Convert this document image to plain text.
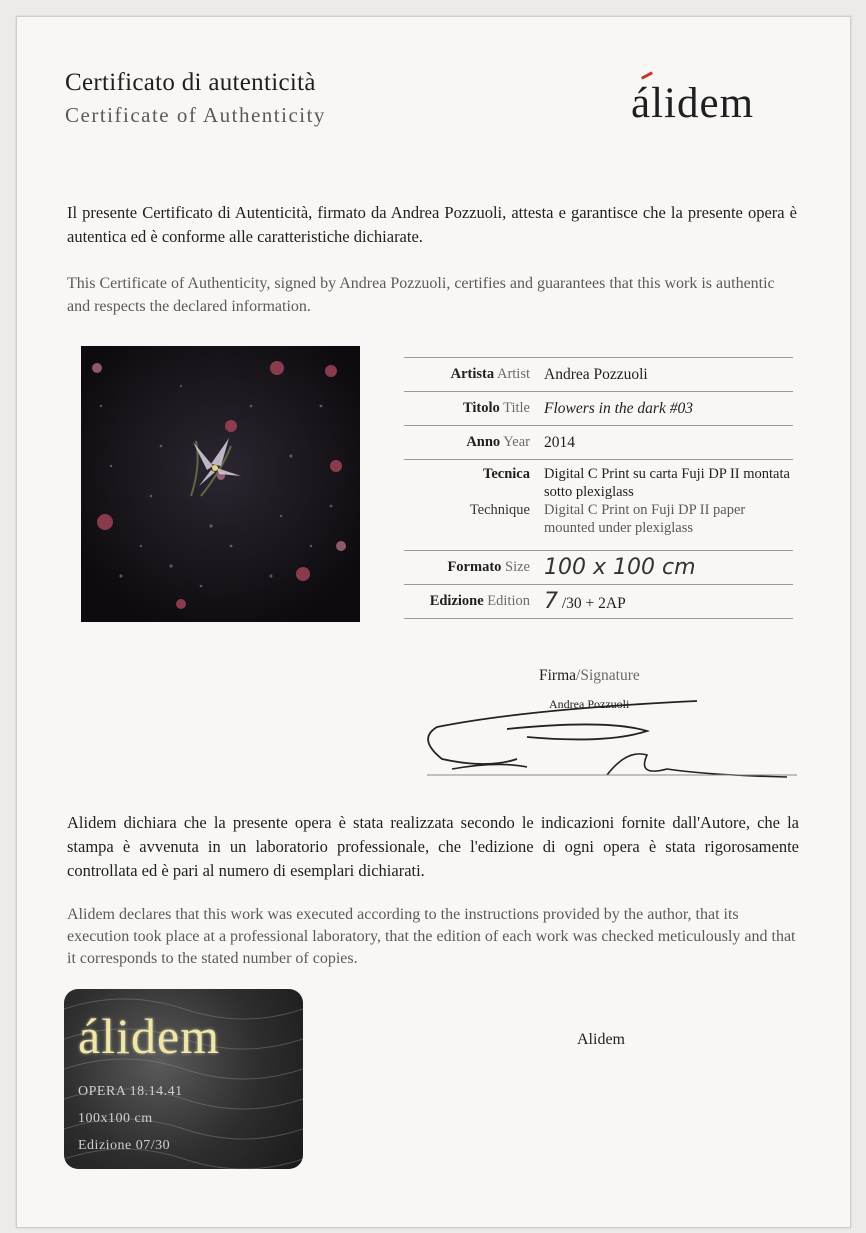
Certificato di autenticità
Certificate of Authenticity	álidem
Il presente Certificato di Autenticità, firmato da Andrea Pozzuoli, attesta e garantisce che la presente opera è autentica ed è conforme alle caratteristiche dichiarate.
This Certificate of Authenticity, signed by Andrea Pozzuoli, certifies and guarantees that this work is authentic and respects the declared information.
Artista Artist Andrea Pozzuoli
Titolo Title Flowers in the dark #03
Anno Year 2014
Tecnica
Technique
Digital C Print su carta Fuji DP II montata sotto plexiglass
Digital C Print on Fuji DP II paper mounted under plexiglass
Formato Size 100 x 100 cm
Edizione Edition 7 /30 + 2AP
Firma/Signature
Andrea Pozzuoli
Alidem dichiara che la presente opera è stata realizzata secondo le indicazioni fornite dall'Autore, che la stampa è avvenuta in un laboratorio professionale, che l'edizione di ogni opera è stata rigorosamente controllata ed è pari al numero di esemplari dichiarati.
Alidem declares that this work was executed according to the instructions provided by the author, that its execution took place at a professional laboratory, that the edition of each work was checked meticulously and that it corresponds to the stated number of copies.
álidem
OPERA 18.14.41
100x100 cm
Edizione 07/30
Alidem
